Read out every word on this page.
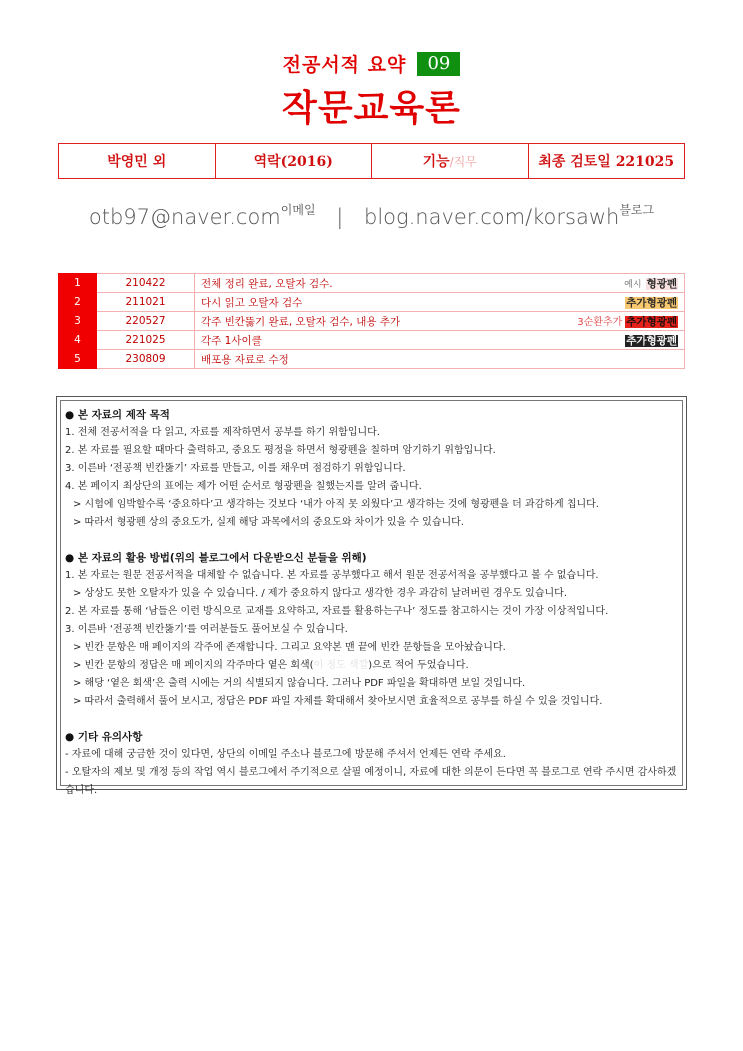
전공서적 요약 09
작문교육론
박영민 외	역락(2016)	기능 /직무	최종 검토일 221025
otb97@naver.com$^{이메일}$ | blog.naver.com/korsawh$^{블로그}$
1	210422	전체 정리 완료, 오탈자 검수. 예시 형광펜

2	211021	다시 읽고 오탈자 검수 추가형광펜

3	220527	각주 빈칸뚫기 완료, 오탈자 검수, 내용 추가 3순환추가 추가형광펜

4	221025	각주 1사이클 추가형광펜

5	230809	배포용 자료로 수정
● 본 자료의 제작 목적
1. 전체 전공서적을 다 읽고, 자료를 제작하면서 공부를 하기 위함입니다.
2. 본 자료를 필요할 때마다 출력하고, 중요도 평정을 하면서 형광펜을 칠하며 암기하기 위함입니다.
3. 이른바 ‘전공책 빈칸뚫기’ 자료를 만들고, 이를 채우며 점검하기 위함입니다.
4. 본 페이지 최상단의 표에는 제가 어떤 순서로 형광펜을 칠했는지를 알려 줍니다.
> 시험에 임박할수록 ‘중요하다’고 생각하는 것보다 ‘내가 아직 못 외웠다’고 생각하는 것에 형광펜을 더 과감하게 칩니다.
> 따라서 형광펜 상의 중요도가, 실제 해당 과목에서의 중요도와 차이가 있을 수 있습니다.
● 본 자료의 활용 방법(위의 블로그에서 다운받으신 분들을 위해)
1. 본 자료는 원문 전공서적을 대체할 수 없습니다. 본 자료를 공부했다고 해서 원문 전공서적을 공부했다고 볼 수 없습니다.
> 상상도 못한 오탈자가 있을 수 있습니다. / 제가 중요하지 않다고 생각한 경우 과감히 날려버린 경우도 있습니다.
2. 본 자료를 통해 ‘남들은 이런 방식으로 교재를 요약하고, 자료를 활용하는구나’ 정도를 참고하시는 것이 가장 이상적입니다.
3. 이른바 ‘전공책 빈칸뚫기’를 여러분들도 풀어보실 수 있습니다.
> 빈칸 문항은 매 페이지의 각주에 존재합니다. 그리고 요약본 맨 끝에 빈칸 문항들을 모아놨습니다.
> 빈칸 문항의 정답은 매 페이지의 각주마다 옅은 회색(이 정도 색깔)으로 적어 두었습니다.
> 해당 ‘옅은 회색’은 출력 시에는 거의 식별되지 않습니다. 그러나 PDF 파일을 확대하면 보일 것입니다.
> 따라서 출력해서 풀어 보시고, 정답은 PDF 파일 자체를 확대해서 찾아보시면 효율적으로 공부를 하실 수 있을 것입니다.
● 기타 유의사항
- 자료에 대해 궁금한 것이 있다면, 상단의 이메일 주소나 블로그에 방문해 주셔서 언제든 연락 주세요.
- 오탈자의 제보 및 개정 등의 작업 역시 블로그에서 주기적으로 살필 예정이니, 자료에 대한 의문이 든다면 꼭 블로그로 연락 주시면 감사하겠습니다.
